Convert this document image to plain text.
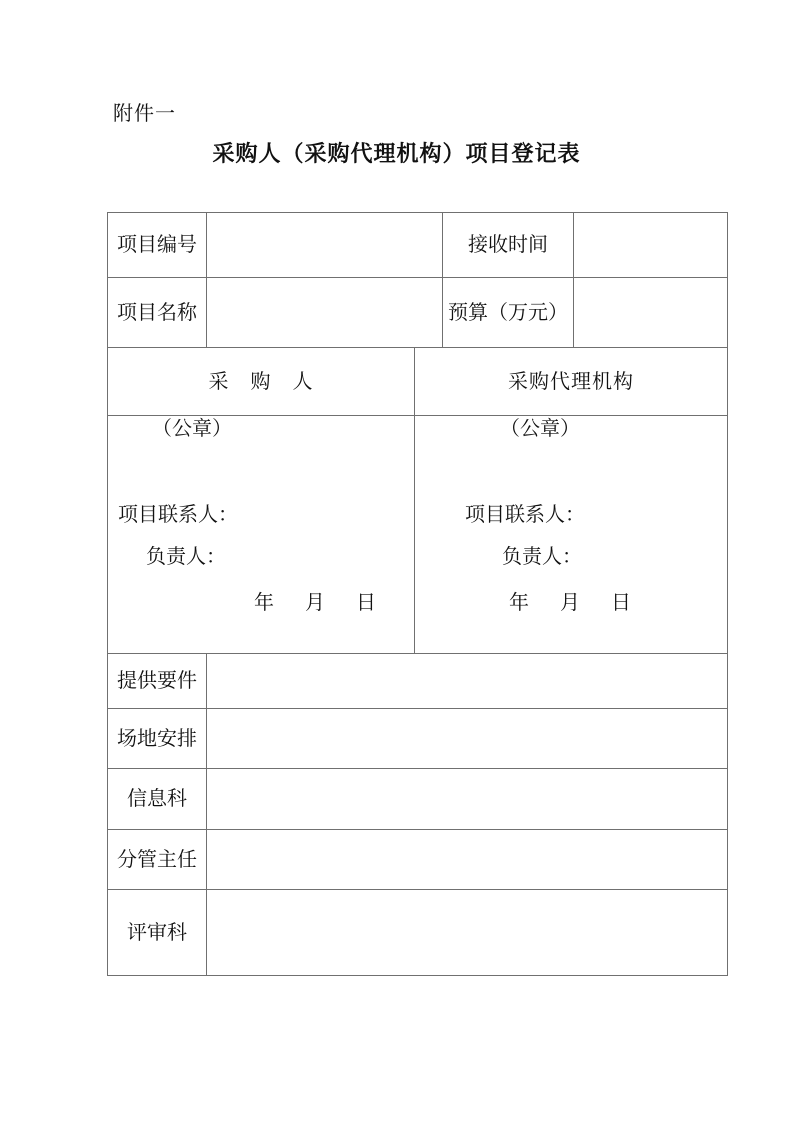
附件一
采购人（采购代理机构）项目登记表
项目编号			接收时间	
项目名称			预算（万元）	
采　购　人		采购代理机构		

（公章）
项目联系人：
负责人：
年　 月　 日

（公章）
项目联系人：
负责人：
年　 月　 日

提供要件				
场地安排				
信息科				
分管主任				
评审科				
